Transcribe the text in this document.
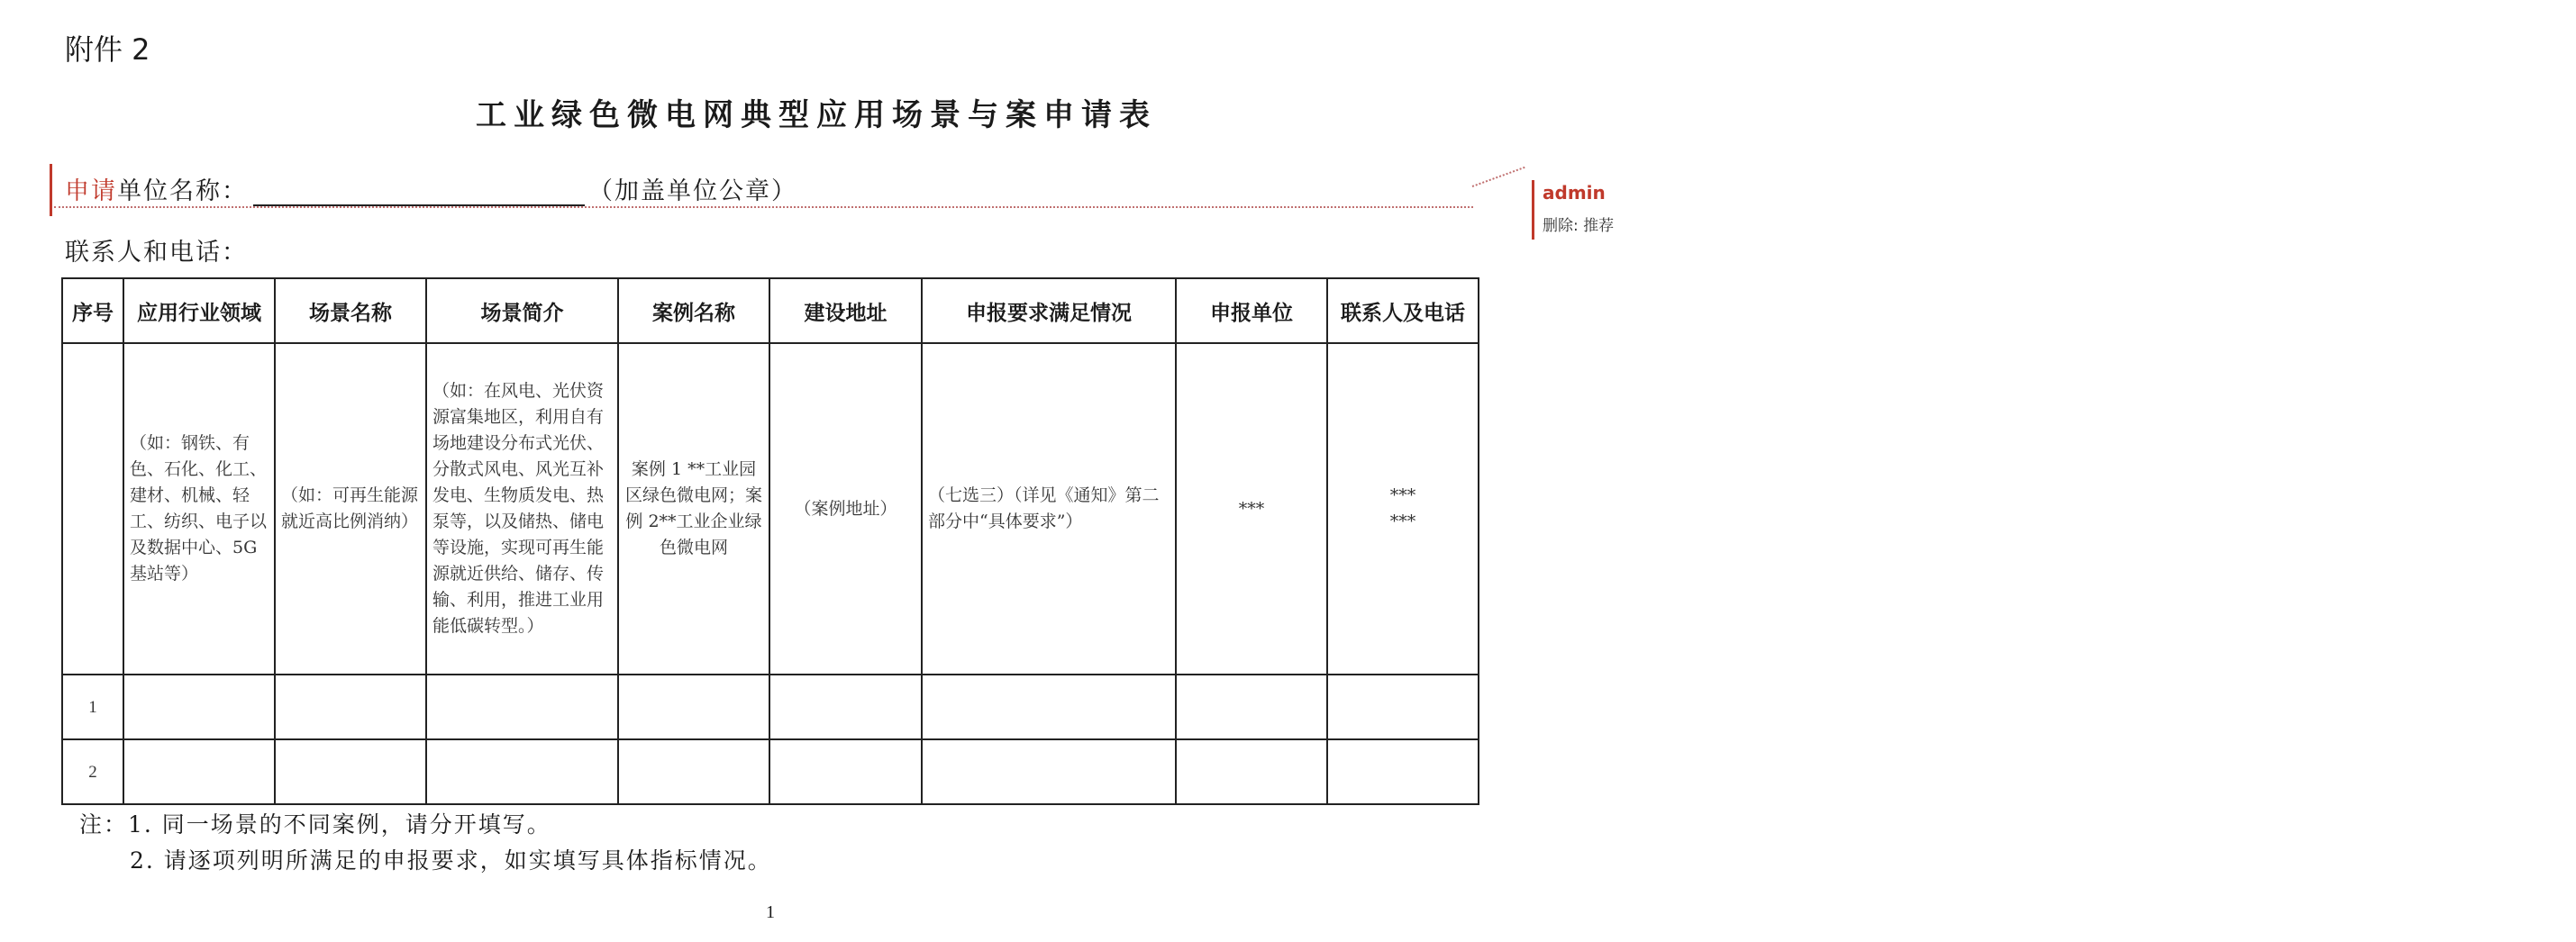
附件 2
工业绿色微电网典型应用场景与案申请表
申请单位名称：	（加盖单位公章）	admin
删除: 推荐
联系人和电话：
序号	应用行业领域	场景名称	场景简介	案例名称	建设地址	申报要求满足情况	申报单位	联系人及电话
	（如：钢铁、有色、石化、化工、建材、机械、轻工、纺织、电子以及数据中心、5G 基站等）	（如：可再生能源就近高比例消纳）	（如：在风电、光伏资源富集地区，利用自有场地建设分布式光伏、分散式风电、风光互补发电、生物质发电、热泵等，以及储热、储电等设施，实现可再生能源就近供给、储存、传输、利用，推进工业用能低碳转型。）	案例 1 **工业园区绿色微电网；案例 2**工业企业绿色微电网	（案例地址）	（七选三）（详见《通知》第二部分中“具体要求”）	***	***
***

1								
2								
注：1. 同一场景的不同案例，请分开填写。
2. 请逐项列明所满足的申报要求，如实填写具体指标情况。
1
